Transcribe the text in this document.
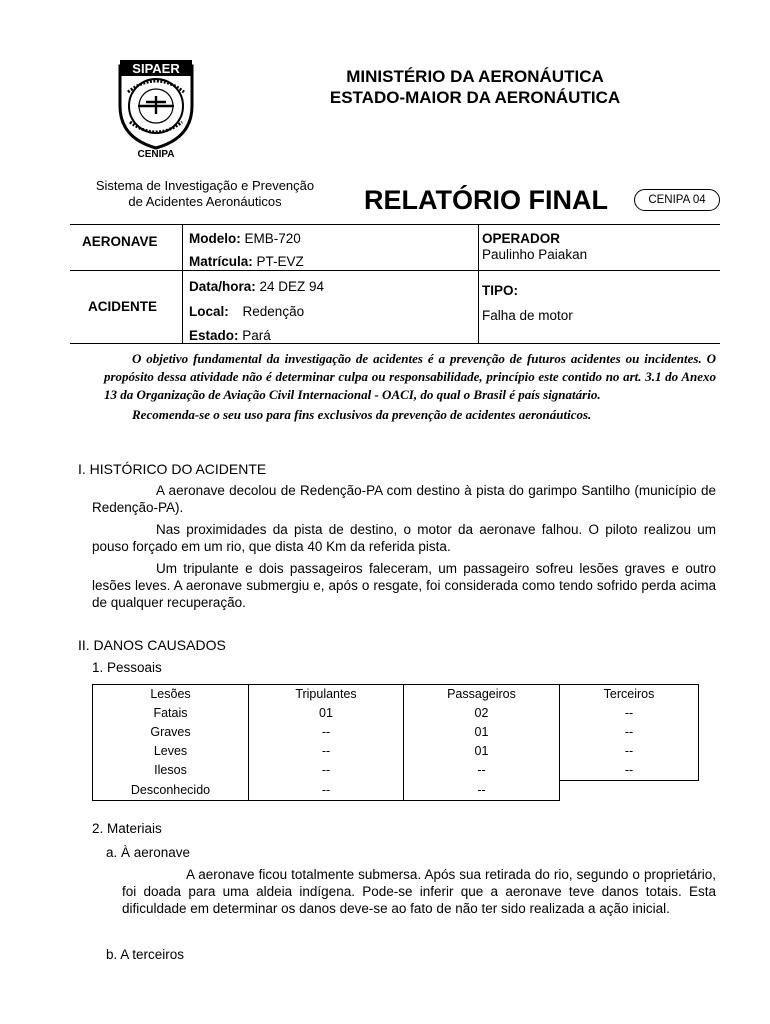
SIPAER
CENIPA
MINISTÉRIO DA AERONÁUTICA
ESTADO-MAIOR DA AERONÁUTICA
Sistema de Investigação e Prevenção
de Acidentes Aeronáuticos	RELATÓRIO FINAL	CENIPA 04
AERONAVE Modelo: EMB-720
Matrícula: PT-EVZ
OPERADOR
Paulinho Paiakan
ACIDENTE
Data/hora: 24 DEZ 94
Local: Redenção
Estado: Pará
TIPO:
Falha de motor

O objetivo fundamental da investigação de acidentes é a prevenção de futuros acidentes ou incidentes. O propósito dessa atividade não é determinar culpa ou responsabilidade, princípio este contido no art. 3.1 do Anexo 13 da Organização de Aviação Civil Internacional - OACI, do qual o Brasil é país signatário.

Recomenda-se o seu uso para fins exclusivos da prevenção de acidentes aeronáuticos.

I. HISTÓRICO DO ACIDENTE

A aeronave decolou de Redenção-PA com destino à pista do garimpo Santilho (município de Redenção-PA).

Nas proximidades da pista de destino, o motor da aeronave falhou. O piloto realizou um pouso forçado em um rio, que dista 40 Km da referida pista.

Um tripulante e dois passageiros faleceram, um passageiro sofreu lesões graves e outro lesões leves. A aeronave submergiu e, após o resgate, foi considerada como tendo sofrido perda acima de qualquer recuperação.

II. DANOS CAUSADOS
1. Pessoais
Lesões	Tripulantes	Passageiros	Terceiros
Fatais	01	02	--
Graves	--	01	--
Leves	--	01	--
Ilesos	--	--	--
Desconhecido	--	--	
2. Materiais
a. À aeronave

A aeronave ficou totalmente submersa. Após sua retirada do rio, segundo o proprietário, foi doada para uma aldeia indígena. Pode-se inferir que a aeronave teve danos totais. Esta dificuldade em determinar os danos deve-se ao fato de não ter sido realizada a ação inicial.

b. A terceiros
